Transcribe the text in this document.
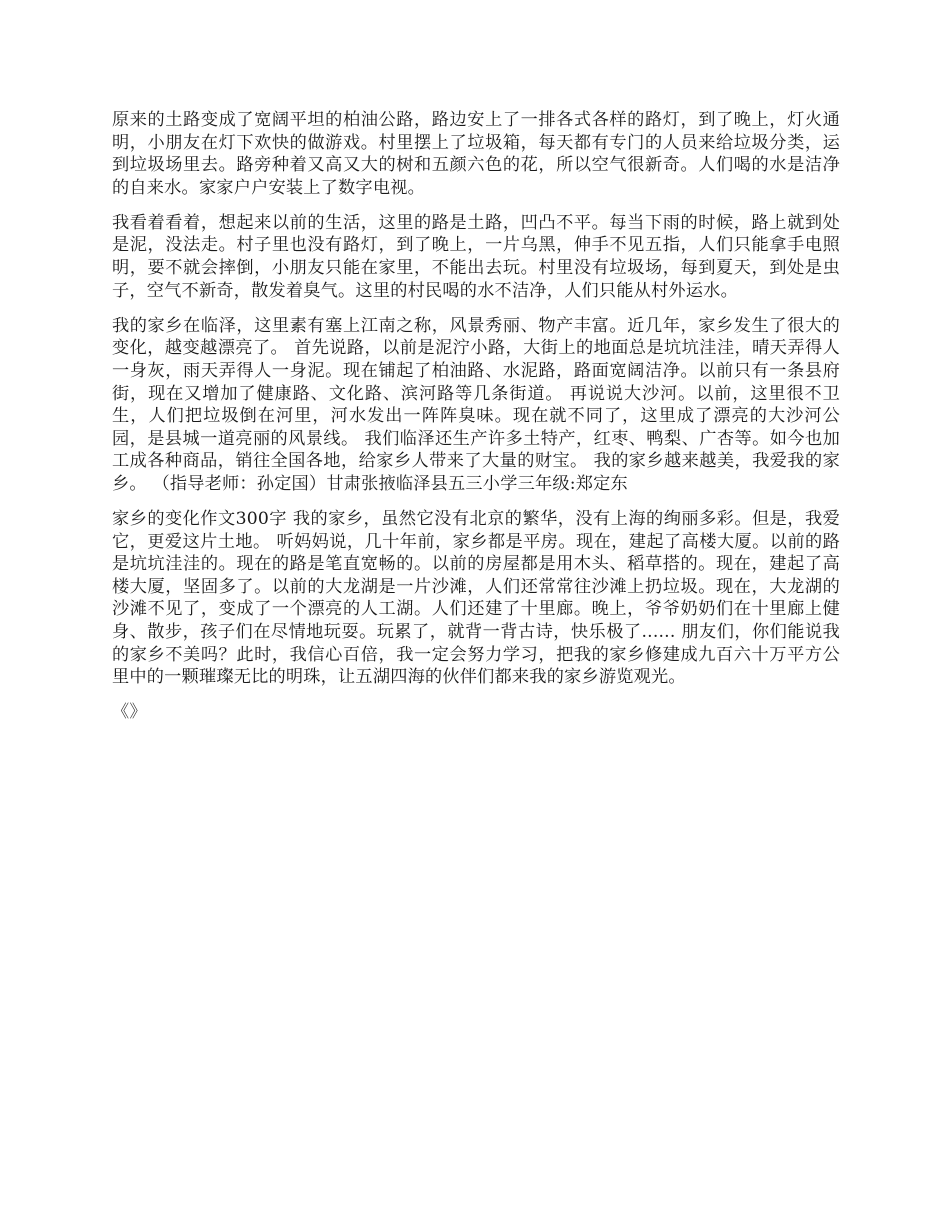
原来的土路变成了宽阔平坦的柏油公路，路边安上了一排各式各样的路灯，到了晚上，灯火通明，小朋友在灯下欢快的做游戏。村里摆上了垃圾箱，每天都有专门的人员来给垃圾分类，运到垃圾场里去。路旁种着又高又大的树和五颜六色的花，所以空气很新奇。人们喝的水是洁净的自来水。家家户户安装上了数字电视。

我看着看着，想起来以前的生活，这里的路是土路，凹凸不平。每当下雨的时候，路上就到处是泥，没法走。村子里也没有路灯，到了晚上，一片乌黑，伸手不见五指，人们只能拿手电照明，要不就会摔倒，小朋友只能在家里，不能出去玩。村里没有垃圾场，每到夏天，到处是虫子，空气不新奇，散发着臭气。这里的村民喝的水不洁净，人们只能从村外运水。

我的家乡在临泽，这里素有塞上江南之称，风景秀丽、物产丰富。近几年，家乡发生了很大的变化，越变越漂亮了。 首先说路，以前是泥泞小路，大街上的地面总是坑坑洼洼，晴天弄得人一身灰，雨天弄得人一身泥。现在铺起了柏油路、水泥路，路面宽阔洁净。以前只有一条县府街，现在又增加了健康路、文化路、滨河路等几条街道。 再说说大沙河。以前，这里很不卫生，人们把垃圾倒在河里，河水发出一阵阵臭味。现在就不同了，这里成了漂亮的大沙河公园，是县城一道亮丽的风景线。 我们临泽还生产许多土特产，红枣、鸭梨、广杏等。如今也加工成各种商品，销往全国各地，给家乡人带来了大量的财宝。 我的家乡越来越美，我爱我的家乡。 （指导老师：孙定国）甘肃张掖临泽县五三小学三年级:郑定东

家乡的变化作文300字 我的家乡，虽然它没有北京的繁华，没有上海的绚丽多彩。但是，我爱它，更爱这片土地。 听妈妈说，几十年前，家乡都是平房。现在，建起了高楼大厦。以前的路是坑坑洼洼的。现在的路是笔直宽畅的。以前的房屋都是用木头、稻草搭的。现在，建起了高楼大厦，坚固多了。以前的大龙湖是一片沙滩，人们还常常往沙滩上扔垃圾。现在，大龙湖的沙滩不见了，变成了一个漂亮的人工湖。人们还建了十里廊。晚上，爷爷奶奶们在十里廊上健身、散步，孩子们在尽情地玩耍。玩累了，就背一背古诗，快乐极了...... 朋友们，你们能说我的家乡不美吗？此时，我信心百倍，我一定会努力学习，把我的家乡修建成九百六十万平方公里中的一颗璀璨无比的明珠，让五湖四海的伙伴们都来我的家乡游览观光。

《》
